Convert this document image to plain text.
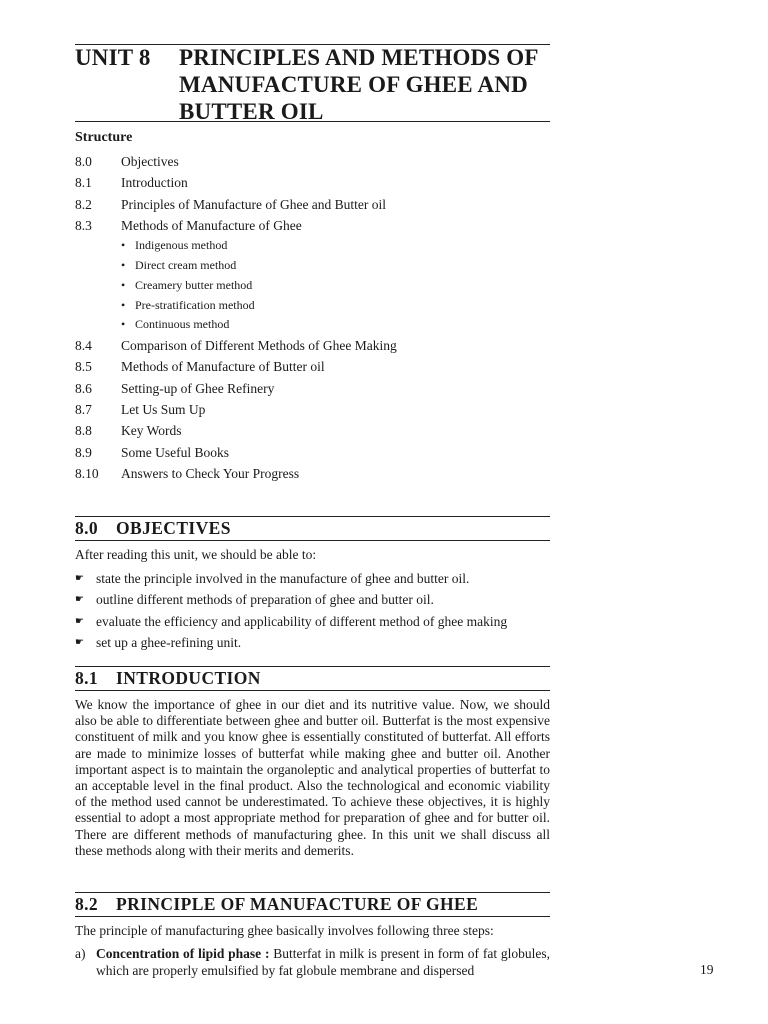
UNIT 8 PRINCIPLES AND METHODS OF
MANUFACTURE OF GHEE AND
BUTTER OIL
Structure
8.0 Objectives
8.1 Introduction
8.2 Principles of Manufacture of Ghee and Butter oil
8.3 Methods of Manufacture of Ghee
• Indigenous method
• Direct cream method
• Creamery butter method
• Pre-stratification method
• Continuous method
8.4 Comparison of Different Methods of Ghee Making
8.5 Methods of Manufacture of Butter oil
8.6 Setting-up of Ghee Refinery
8.7 Let Us Sum Up
8.8 Key Words
8.9 Some Useful Books
8.10 Answers to Check Your Progress
8.0 OBJECTIVES
After reading this unit, we should be able to:
☛ state the principle involved in the manufacture of ghee and butter oil.
☛ outline different methods of preparation of ghee and butter oil.
☛ evaluate the efficiency and applicability of different method of ghee making
☛ set up a ghee-refining unit.
8.1 INTRODUCTION
We know the importance of ghee in our diet and its nutritive value. Now, we should also be able to differentiate between ghee and butter oil. Butterfat is the most expensive constituent of milk and you know ghee is essentially constituted of butterfat. All efforts are made to minimize losses of butterfat while making ghee and butter oil. Another important aspect is to maintain the organoleptic and analytical properties of butterfat to an acceptable level in the final product. Also the technological and economic viability of the method used cannot be underestimated. To achieve these objectives, it is highly essential to adopt a most appropriate method for preparation of ghee and for butter oil. There are different methods of manufacturing ghee. In this unit we shall discuss all these methods along with their merits and demerits.
8.2 PRINCIPLE OF MANUFACTURE OF GHEE
The principle of manufacturing ghee basically involves following three steps:
a) Concentration of lipid phase : Butterfat in milk is present in form of fat globules, which are properly emulsified by fat globule membrane and dispersed	19
